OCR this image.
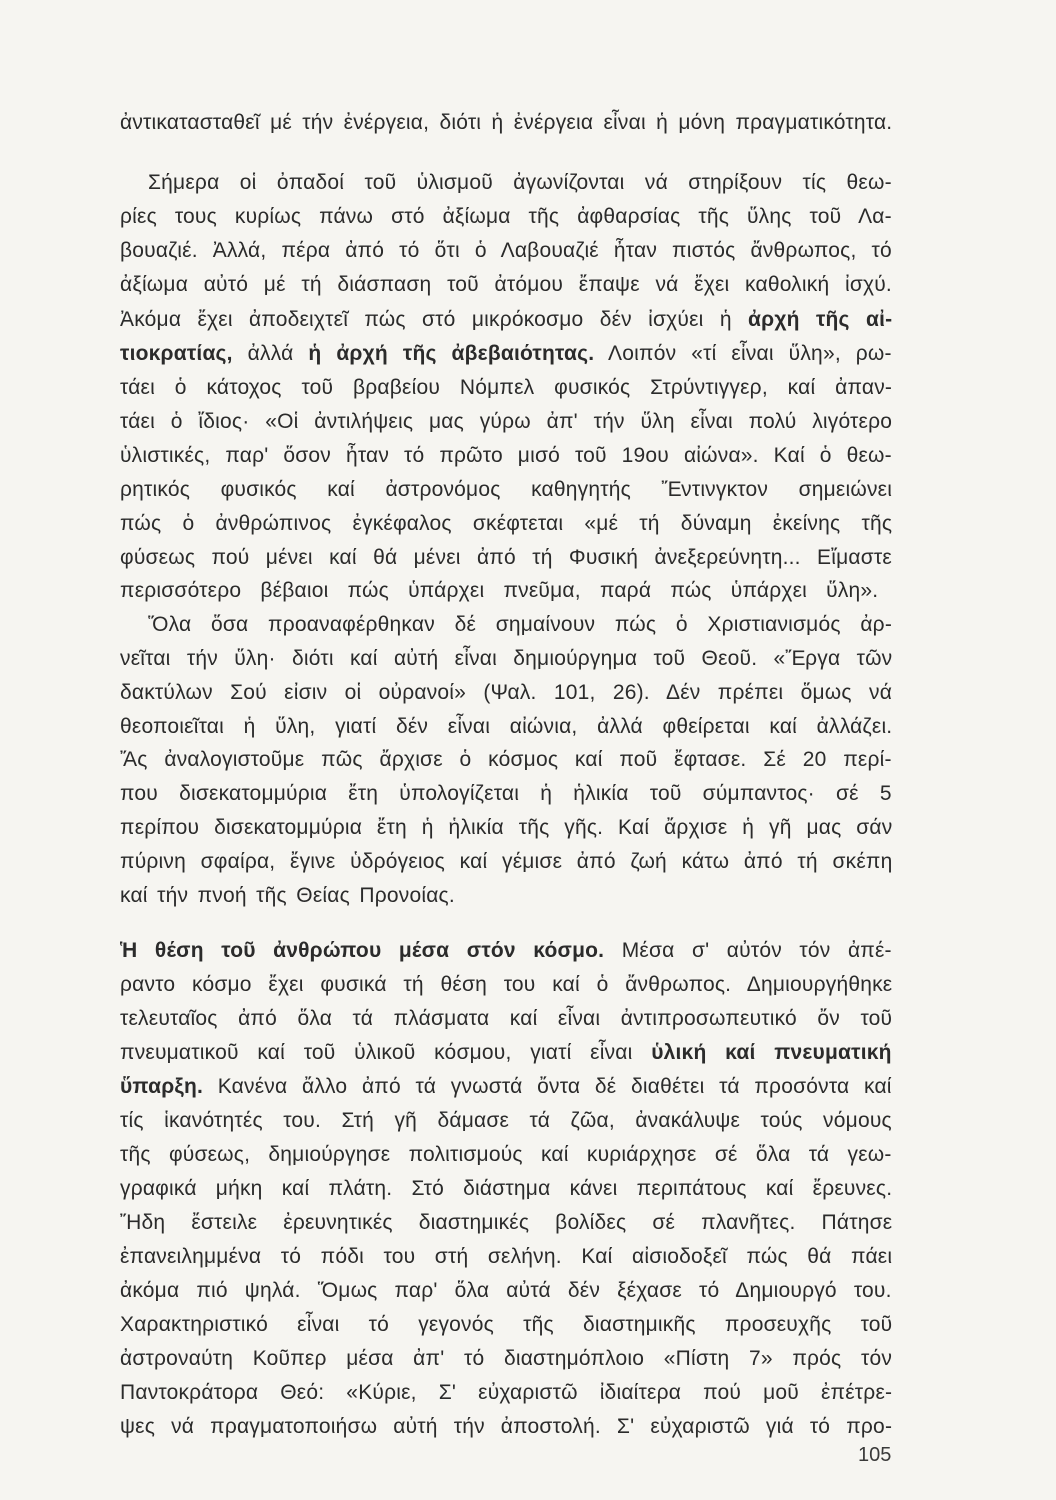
ἀντικατασταθεῖ μέ τήν ἐνέργεια, διότι ἡ ἐνέργεια εἶναι ἡ μόνη πραγματικότητα.
Σήμερα οἱ ὀπαδοί τοῦ ὑλισμοῦ ἀγωνίζονται νά στηρίξουν τίς θεω-
ρίες τους κυρίως πάνω στό ἀξίωμα τῆς ἀφθαρσίας τῆς ὕλης τοῦ Λα-
βουαζιέ. Ἀλλά, πέρα ἀπό τό ὅτι ὁ Λαβουαζιέ ἦταν πιστός ἄνθρωπος, τό
ἀξίωμα αὐτό μέ τή διάσπαση τοῦ ἀτόμου ἔπαψε νά ἔχει καθολική ἰσχύ.
Ἀκόμα ἔχει ἀποδειχτεῖ πώς στό μικρόκοσμο δέν ἰσχύει ἡ ἀρχή τῆς αἰ-
τιοκρατίας, ἀλλά ἡ ἀρχή τῆς ἀβεβαιότητας. Λοιπόν «τί εἶναι ὕλη», ρω-
τάει ὁ κάτοχος τοῦ βραβείου Νόμπελ φυσικός Στρύντιγγερ, καί ἀπαν-
τάει ὁ ἴδιος· «Οἱ ἀντιλήψεις μας γύρω ἀπ' τήν ὕλη εἶναι πολύ λιγότερο
ὑλιστικές, παρ' ὅσον ἦταν τό πρῶτο μισό τοῦ 19ου αἰώνα». Καί ὁ θεω-
ρητικός φυσικός καί ἀστρονόμος καθηγητής Ἔντινγκτον σημειώνει
πώς ὁ ἀνθρώπινος ἐγκέφαλος σκέφτεται «μέ τή δύναμη ἐκείνης τῆς
φύσεως πού μένει καί θά μένει ἀπό τή Φυσική ἀνεξερεύνητη... Εἴμαστε
περισσότερο βέβαιοι πώς ὑπάρχει πνεῦμα, παρά πώς ὑπάρχει ὕλη».
Ὅλα ὅσα προαναφέρθηκαν δέ σημαίνουν πώς ὁ Χριστιανισμός ἀρ-
νεῖται τήν ὕλη· διότι καί αὐτή εἶναι δημιούργημα τοῦ Θεοῦ. «Ἔργα τῶν
δακτύλων Σού εἰσιν οἱ οὐρανοί» (Ψαλ. 101, 26). Δέν πρέπει ὅμως νά
θεοποιεῖται ἡ ὕλη, γιατί δέν εἶναι αἰώνια, ἀλλά φθείρεται καί ἀλλάζει.
Ἄς ἀναλογιστοῦμε πῶς ἄρχισε ὁ κόσμος καί ποῦ ἔφτασε. Σέ 20 περί-
που δισεκατομμύρια ἔτη ὑπολογίζεται ἡ ἡλικία τοῦ σύμπαντος· σέ 5
περίπου δισεκατομμύρια ἔτη ἡ ἡλικία τῆς γῆς. Καί ἄρχισε ἡ γῆ μας σάν
πύρινη σφαίρα, ἔγινε ὑδρόγειος καί γέμισε ἀπό ζωή κάτω ἀπό τή σκέπη
καί τήν πνοή τῆς Θείας Προνοίας.
Ἡ θέση τοῦ ἀνθρώπου μέσα στόν κόσμο. Μέσα σ' αὐτόν τόν ἀπέ-
ραντο κόσμο ἔχει φυσικά τή θέση του καί ὁ ἄνθρωπος. Δημιουργήθηκε
τελευταῖος ἀπό ὅλα τά πλάσματα καί εἶναι ἀντιπροσωπευτικό ὄν τοῦ
πνευματικοῦ καί τοῦ ὑλικοῦ κόσμου, γιατί εἶναι ὑλική καί πνευματική
ὕπαρξη. Κανένα ἄλλο ἀπό τά γνωστά ὄντα δέ διαθέτει τά προσόντα καί
τίς ἱκανότητές του. Στή γῆ δάμασε τά ζῶα, ἀνακάλυψε τούς νόμους
τῆς φύσεως, δημιούργησε πολιτισμούς καί κυριάρχησε σέ ὅλα τά γεω-
γραφικά μήκη καί πλάτη. Στό διάστημα κάνει περιπάτους καί ἔρευνες.
Ἤδη ἔστειλε ἐρευνητικές διαστημικές βολίδες σέ πλανῆτες. Πάτησε
ἐπανειλημμένα τό πόδι του στή σελήνη. Καί αἰσιοδοξεῖ πώς θά πάει
ἀκόμα πιό ψηλά. Ὅμως παρ' ὅλα αὐτά δέν ξέχασε τό Δημιουργό του.
Χαρακτηριστικό εἶναι τό γεγονός τῆς διαστημικῆς προσευχῆς τοῦ
ἀστροναύτη Κοῦπερ μέσα ἀπ' τό διαστημόπλοιο «Πίστη 7» πρός τόν
Παντοκράτορα Θεό: «Κύριε, Σ' εὐχαριστῶ ἰδιαίτερα πού μοῦ ἐπέτρε-
ψες νά πραγματοποιήσω αὐτή τήν ἀποστολή. Σ' εὐχαριστῶ γιά τό προ-
105
